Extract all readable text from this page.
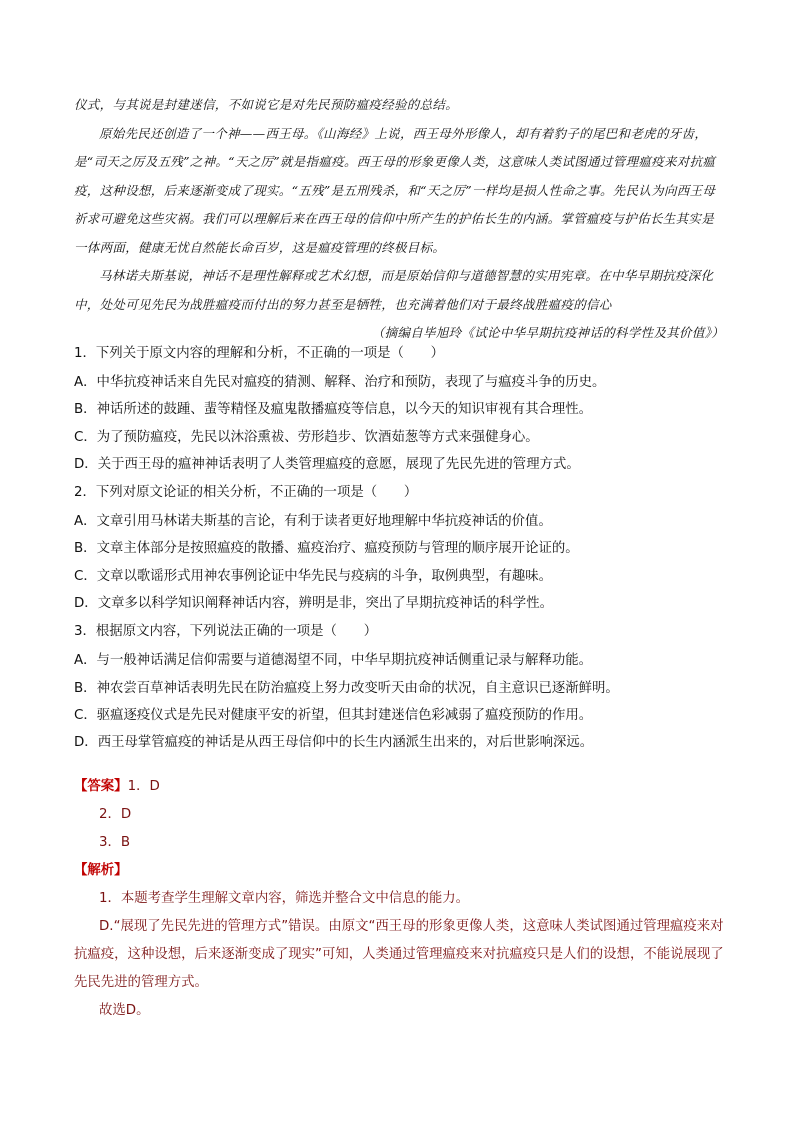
仪式，与其说是封建迷信，不如说它是对先民预防瘟疫经验的总结。

原始先民还创造了一个神——西王母。《山海经》上说，西王母外形像人，却有着豹子的尾巴和老虎的牙齿，是“司天之厉及五残”之神。“天之厉”就是指瘟疫。西王母的形象更像人类，这意味人类试图通过管理瘟疫来对抗瘟疫，这种设想，后来逐渐变成了现实。“五残”是五刑残杀，和“天之厉”一样均是损人性命之事。先民认为向西王母祈求可避免这些灾祸。我们可以理解后来在西王母的信仰中所产生的护佑长生的内涵。掌管瘟疫与护佑长生其实是一体两面，健康无忧自然能长命百岁，这是瘟疫管理的终极目标。

马林诺夫斯基说，神话不是理性解释或艺术幻想，而是原始信仰与道德智慧的实用宪章。在中华早期抗疫深化中，处处可见先民为战胜瘟疫而付出的努力甚至是牺牲，也充满着他们对于最终战胜瘟疫的信心

（摘编自毕旭玲《试论中华早期抗疫神话的科学性及其价值》）

1．下列关于原文内容的理解和分析，不正确的一项是（　　）

A．中华抗疫神话来自先民对瘟疫的猜测、解释、治疗和预防，表现了与瘟疫斗争的历史。

B．神话所述的鼓踵、蜚等精怪及瘟鬼散播瘟疫等信息，以今天的知识审视有其合理性。

C．为了预防瘟疫，先民以沐浴熏祓、劳形趋步、饮酒茹葱等方式来强健身心。

D．关于西王母的瘟神神话表明了人类管理瘟疫的意愿，展现了先民先进的管理方式。

2．下列对原文论证的相关分析，不正确的一项是（　　）

A．文章引用马林诺夫斯基的言论，有利于读者更好地理解中华抗疫神话的价值。

B．文章主体部分是按照瘟疫的散播、瘟疫治疗、瘟疫预防与管理的顺序展开论证的。

C．文章以歌谣形式用神农事例论证中华先民与疫病的斗争，取例典型，有趣味。

D．文章多以科学知识阐释神话内容，辨明是非，突出了早期抗疫神话的科学性。

3．根据原文内容，下列说法正确的一项是（　　）

A．与一般神话满足信仰需要与道德渴望不同，中华早期抗疫神话侧重记录与解释功能。

B．神农尝百草神话表明先民在防治瘟疫上努力改变听天由命的状况，自主意识已逐渐鲜明。

C．驱瘟逐疫仪式是先民对健康平安的祈望，但其封建迷信色彩减弱了瘟疫预防的作用。

D．西王母掌管瘟疫的神话是从西王母信仰中的长生内涵派生出来的，对后世影响深远。

【答案】1．D

2．D

3．B

【解析】

1．本题考查学生理解文章内容，筛选并整合文中信息的能力。

D.“展现了先民先进的管理方式”错误。由原文“西王母的形象更像人类，这意味人类试图通过管理瘟疫来对抗瘟疫，这种设想，后来逐渐变成了现实”可知，人类通过管理瘟疫来对抗瘟疫只是人们的设想，不能说展现了先民先进的管理方式。

故选D。
